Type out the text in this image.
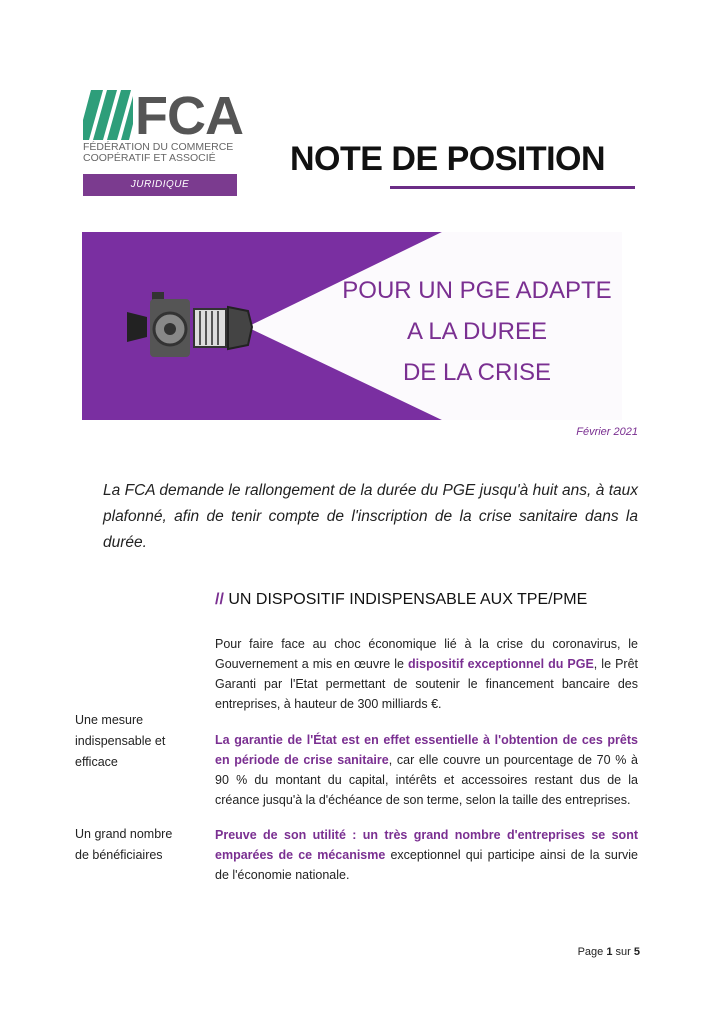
FCA
FÉDÉRATION DU COMMERCE
COOPÉRATIF ET ASSOCIÉ
JURIDIQUE
NOTE DE POSITION
POUR UN PGE ADAPTE
A LA DUREE
DE LA CRISE
Février 2021
La FCA demande le rallongement de la durée du PGE jusqu'à huit ans, à taux plafonné, afin de tenir compte de l'inscription de la crise sanitaire dans la durée.
// UN DISPOSITIF INDISPENSABLE AUX TPE/PME
Pour faire face au choc économique lié à la crise du coronavirus, le Gouvernement a mis en œuvre le dispositif exceptionnel du PGE, le Prêt Garanti par l'Etat permettant de soutenir le financement bancaire des entreprises, à hauteur de 300 milliards €.
La garantie de l'État est en effet essentielle à l'obtention de ces prêts en période de crise sanitaire, car elle couvre un pourcentage de 70 % à 90 % du montant du capital, intérêts et accessoires restant dus de la créance jusqu'à la d'échéance de son terme, selon la taille des entreprises.
Preuve de son utilité : un très grand nombre d'entreprises se sont emparées de ce mécanisme exceptionnel qui participe ainsi de la survie de l'économie nationale.
Une mesure indispensable et efficace
Un grand nombre de bénéficiaires
Page 1 sur 5
